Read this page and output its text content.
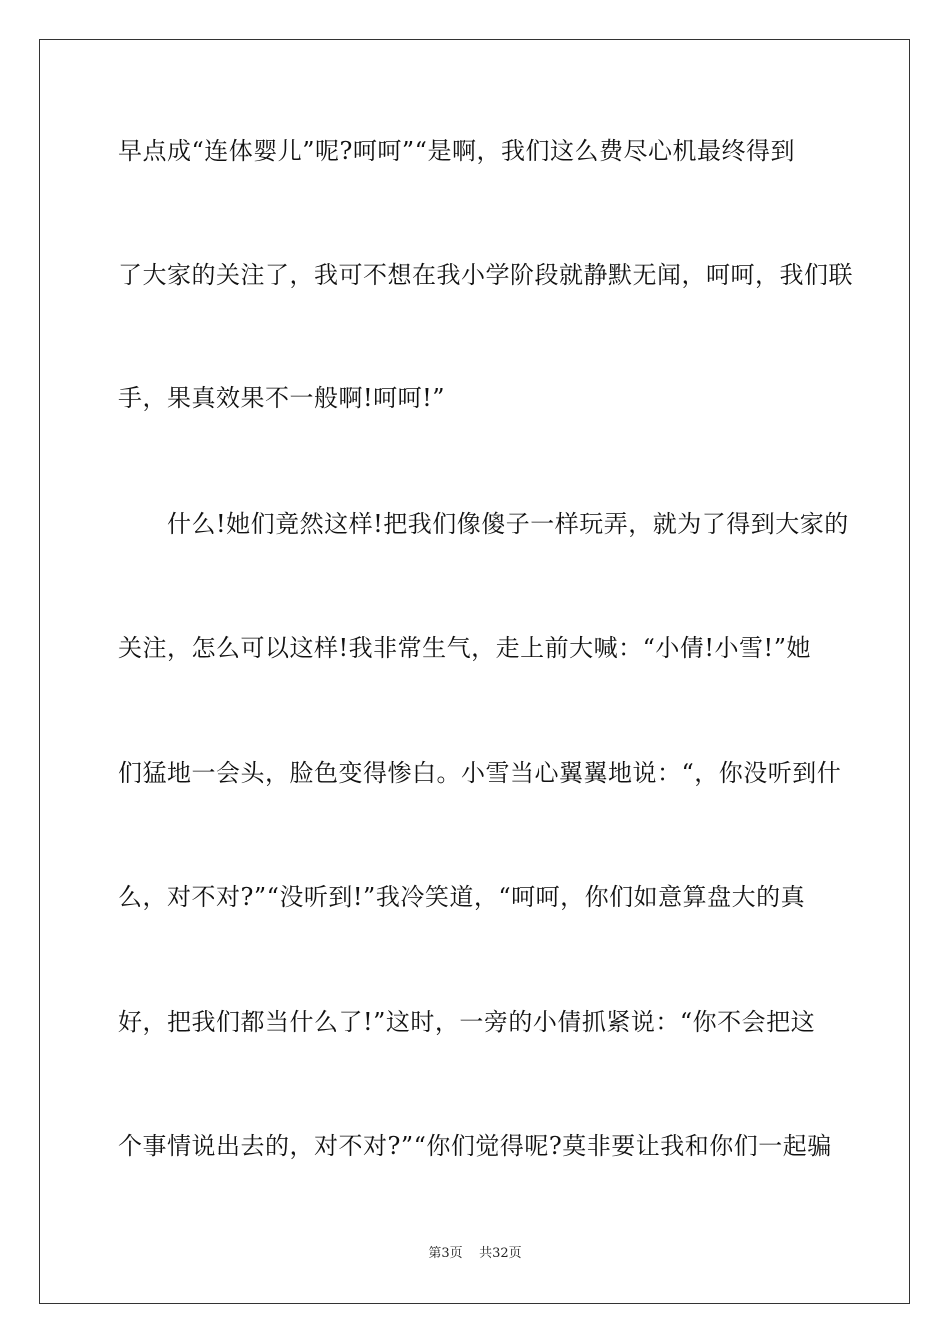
早点成“连体婴儿”呢?呵呵”“是啊，我们这么费尽心机最终得到
了大家的关注了，我可不想在我小学阶段就静默无闻，呵呵，我们联
手，果真效果不一般啊!呵呵!”
　　什么!她们竟然这样!把我们像傻子一样玩弄，就为了得到大家的
关注，怎么可以这样!我非常生气，走上前大喊：“小倩!小雪!”她
们猛地一会头，脸色变得惨白。小雪当心翼翼地说：“，你没听到什
么，对不对?”“没听到!”我冷笑道，“呵呵，你们如意算盘大的真
好，把我们都当什么了!”这时，一旁的小倩抓紧说：“你不会把这
个事情说出去的，对不对?”“你们觉得呢?莫非要让我和你们一起骗
第3页 共32页
